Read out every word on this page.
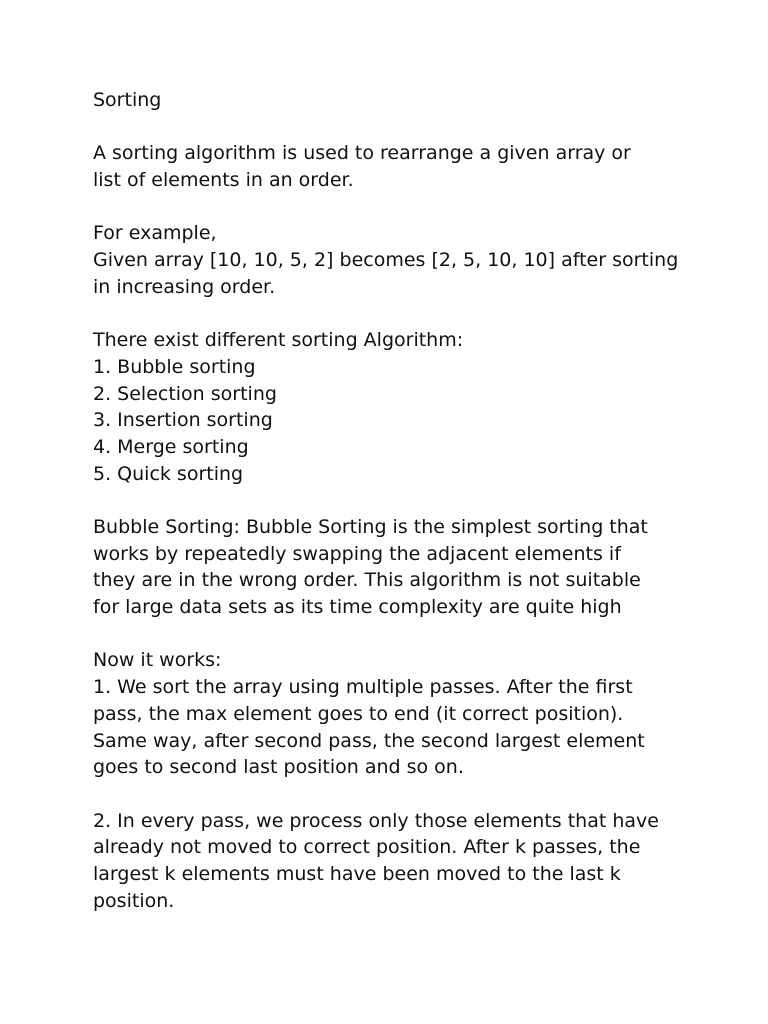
Sorting
A sorting algorithm is used to rearrange a given array or
list of elements in an order.
For example,
Given array [10, 10, 5, 2] becomes [2, 5, 10, 10] after sorting
in increasing order.
There exist different sorting Algorithm:
1. Bubble sorting
2. Selection sorting
3. Insertion sorting
4. Merge sorting
5. Quick sorting
Bubble Sorting: Bubble Sorting is the simplest sorting that
works by repeatedly swapping the adjacent elements if
they are in the wrong order. This algorithm is not suitable
for large data sets as its time complexity are quite high
Now it works:
1. We sort the array using multiple passes. After the first
pass, the max element goes to end (it correct position).
Same way, after second pass, the second largest element
goes to second last position and so on.
2. In every pass, we process only those elements that have
already not moved to correct position. After k passes, the
largest k elements must have been moved to the last k
position.
